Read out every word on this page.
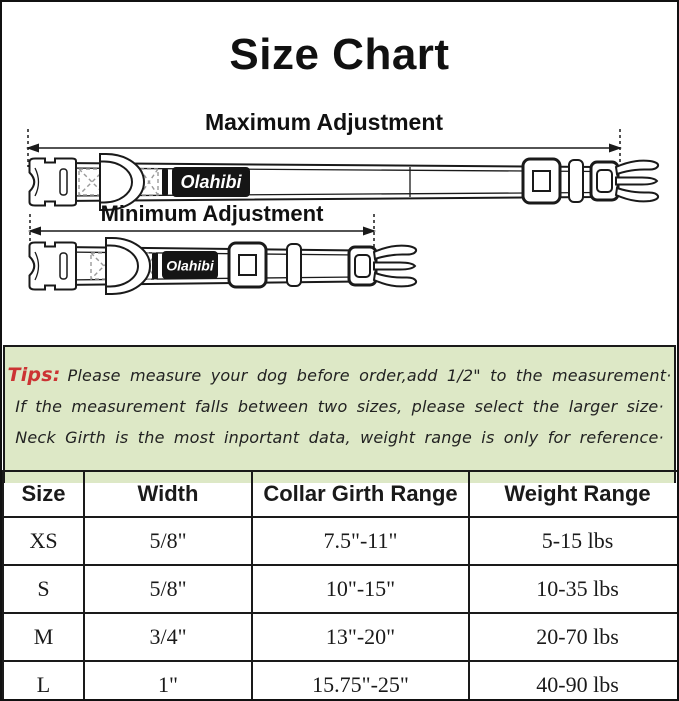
Size Chart
Olahibi
Olahibi
Maximum Adjustment
Minimum Adjustment
Tips: Please measure your dog before order,add 1/2" to the measurement·
If the measurement falls between two sizes, please select the larger size·
Neck Girth is the most inportant data, weight range is only for reference·
Size	Width	Collar Girth Range	Weight Range
XS	5/8"	7.5"-11"	5-15 lbs
S	5/8"	10"-15"	10-35 lbs
M	3/4"	13"-20"	20-70 lbs
L	1"	15.75"-25"	40-90 lbs
